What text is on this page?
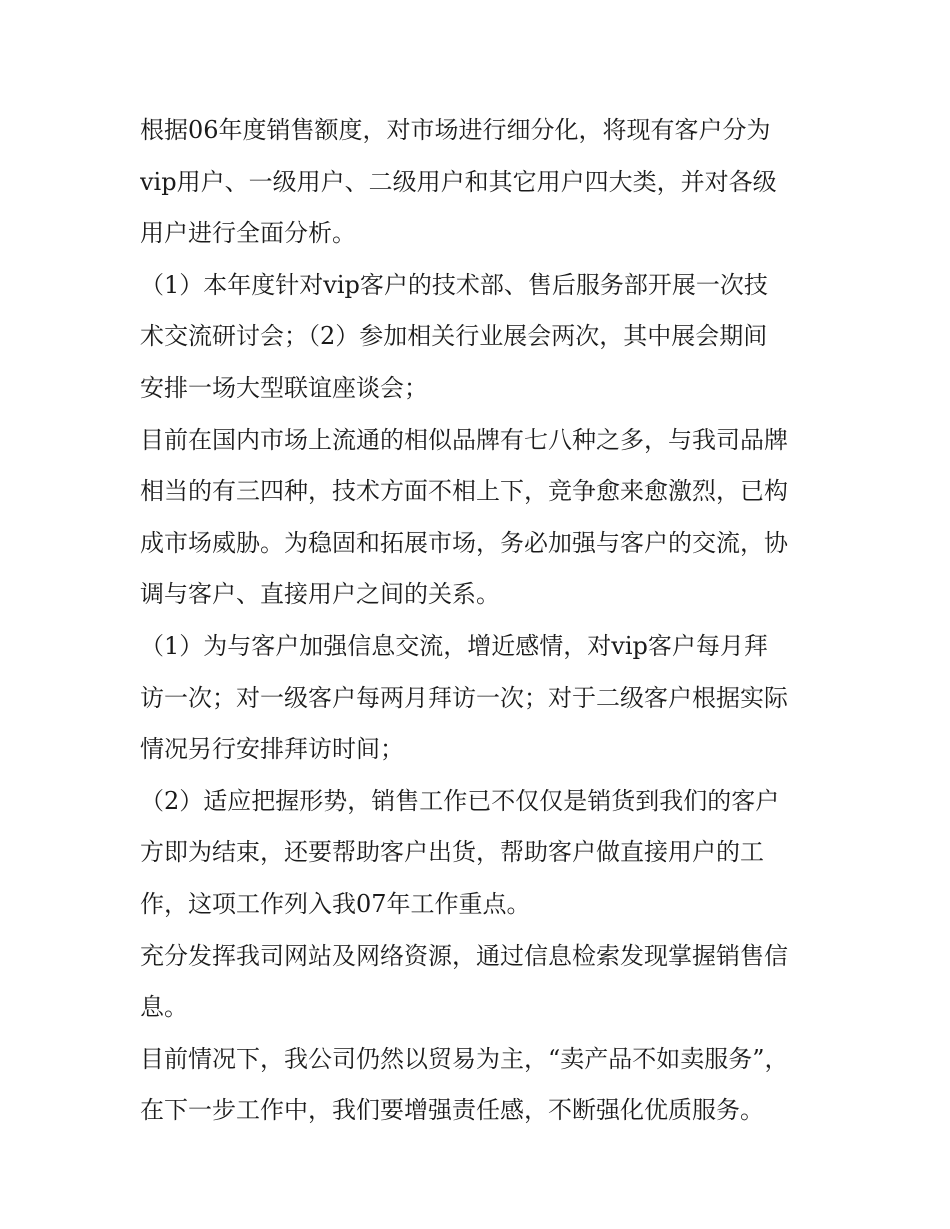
根据06年度销售额度，对市场进行细分化，将现有客户分为
vip用户、一级用户、二级用户和其它用户四大类，并对各级
用户进行全面分析。
（1）本年度针对vip客户的技术部、售后服务部开展一次技
术交流研讨会；（2）参加相关行业展会两次，其中展会期间
安排一场大型联谊座谈会；
目前在国内市场上流通的相似品牌有七八种之多，与我司品牌
相当的有三四种，技术方面不相上下，竞争愈来愈激烈，已构
成市场威胁。为稳固和拓展市场，务必加强与客户的交流，协
调与客户、直接用户之间的关系。
（1）为与客户加强信息交流，增近感情，对vip客户每月拜
访一次；对一级客户每两月拜访一次；对于二级客户根据实际
情况另行安排拜访时间；
（2）适应把握形势，销售工作已不仅仅是销货到我们的客户
方即为结束，还要帮助客户出货，帮助客户做直接用户的工
作，这项工作列入我07年工作重点。
充分发挥我司网站及网络资源，通过信息检索发现掌握销售信
息。
目前情况下，我公司仍然以贸易为主，“卖产品不如卖服务”，
在下一步工作中，我们要增强责任感，不断强化优质服务。
